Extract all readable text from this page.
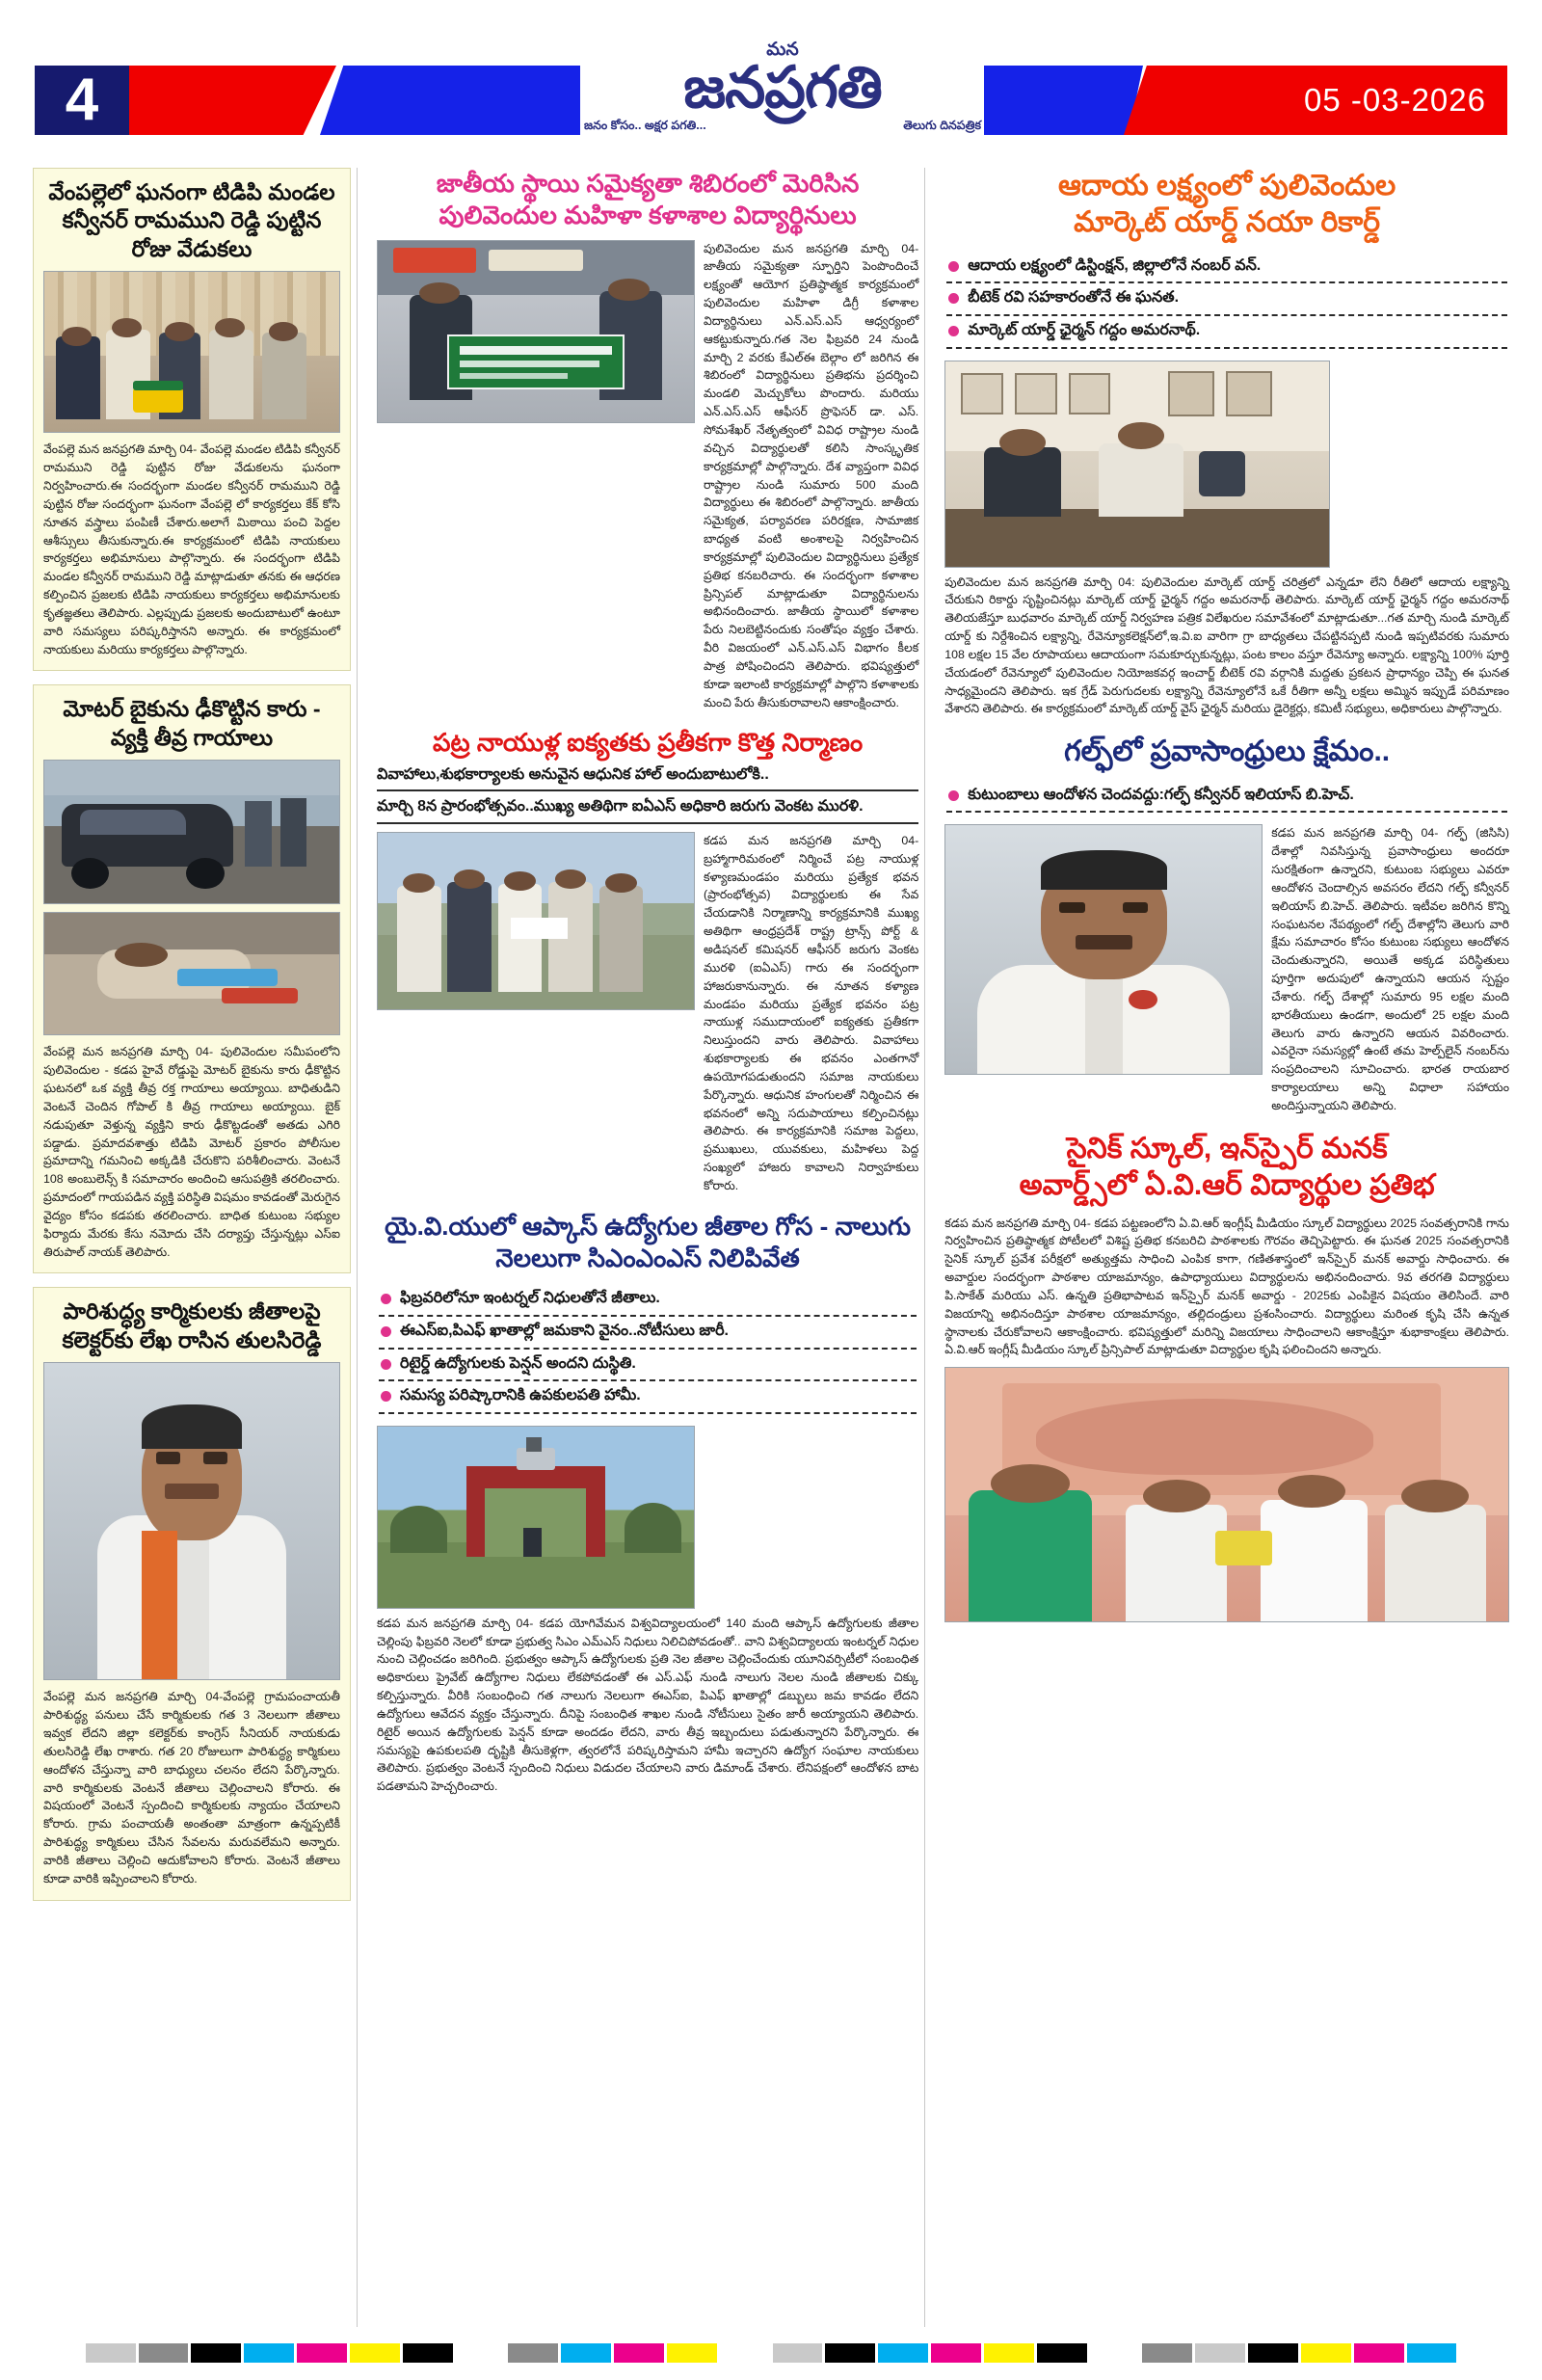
4	05 -03-2026
మన
జనప్రగతి
జనం కోసం.. అక్షర పగతి...	తెలుగు దినపత్రిక
వేంపల్లెలో ఘనంగా టిడిపి మండల కన్వీనర్ రామముని రెడ్డి పుట్టిన రోజు వేడుకలు
వేంపల్లె మన జనప్రగతి మార్చి 04- వేంపల్లె మండల టిడిపి కన్వీనర్ రామముని రెడ్డి పుట్టిన రోజు వేడుకలను ఘనంగా నిర్వహించారు.ఈ సందర్భంగా మండల కన్వీనర్ రామముని రెడ్డి పుట్టిన రోజు సందర్భంగా ఘనంగా వేంపల్లె లో కార్యకర్తలు కేక్ కోసి నూతన వస్త్రాలు పంపిణీ చేశారు.అలాగే మిఠాయి పంచి పెద్దల ఆశీస్సులు తీసుకున్నారు.ఈ కార్యక్రమంలో టిడిపి నాయకులు కార్యకర్తలు అభిమానులు పాల్గొన్నారు. ఈ సందర్భంగా టిడిపి మండల కన్వీనర్ రామముని రెడ్డి మాట్లాడుతూ తనకు ఈ ఆధరణ కల్పించిన ప్రజలకు టిడిపి నాయకులు కార్యకర్తలు అభిమానులకు కృతజ్ఞతలు తెలిపారు. ఎల్లప్పుడు ప్రజలకు అందుబాటులో ఉంటూ వారి సమస్యలు పరిష్కరిస్తానని అన్నారు. ఈ కార్యక్రమంలో నాయకులు మరియు కార్యకర్తలు పాల్గొన్నారు.
మోటర్ బైకును ఢీకొట్టిన కారు - వ్యక్తి తీవ్ర గాయాలు
వేంపల్లె మన జనప్రగతి మార్చి 04- పులివెందుల సమీపంలోని పులివెందుల - కడప హైవే రోడ్డుపై మోటర్ బైకును కారు ఢీకొట్టిన ఘటనలో ఒక వ్యక్తి తీవ్ర రక్త గాయాలు అయ్యాయి. బాధితుడిని వెంటనే చెందిన గోపాల్ కి తీవ్ర గాయాలు అయ్యాయి. బైక్ నడుపుతూ వెళ్తున్న వ్యక్తిని కారు ఢీకొట్టడంతో అతడు ఎగిరి పడ్డాడు. ప్రమాదవశాత్తు టిడిపి మోటర్ ప్రకారం పోలీసుల ప్రమాదాన్ని గమనించి అక్కడికి చేరుకొని పరిశీలించారు. వెంటనే 108 అంబులెన్స్ కి సమాచారం అందించి ఆసుపత్రికి తరలించారు. ప్రమాదంలో గాయపడిన వ్యక్తి పరిస్థితి విషమం కావడంతో మెరుగైన వైద్యం కోసం కడపకు తరలించారు. బాధిత కుటుంబ సభ్యుల ఫిర్యాదు మేరకు కేసు నమోదు చేసి దర్యాప్తు చేస్తున్నట్లు ఎస్ఐ తిరుపాల్ నాయక్ తెలిపారు.
పారిశుద్ధ్య కార్మికులకు జీతాలపై కలెక్టర్‌కు లేఖ రాసిన తులసిరెడ్డి
వేంపల్లె మన జనప్రగతి మార్చి 04-వేంపల్లె గ్రామపంచాయతీ పారిశుద్ధ్య పనులు చేసే కార్మికులకు గత 3 నెలలుగా జీతాలు ఇవ్వక లేదని జిల్లా కలెక్టర్‌కు కాంగ్రెస్ సీనియర్ నాయకుడు తులసిరెడ్డి లేఖ రాశారు. గత 20 రోజులుగా పారిశుద్ధ్య కార్మికులు ఆందోళన చేస్తున్నా వారి బాధ్యులు చలనం లేదని పేర్కొన్నారు. వారి కార్మికులకు వెంటనే జీతాలు చెల్లించాలని కోరారు. ఈ విషయంలో వెంటనే స్పందించి కార్మికులకు న్యాయం చేయాలని కోరారు. గ్రామ పంచాయతీ అంతంతా మాత్రంగా ఉన్నప్పటికీ పారిశుద్ధ్య కార్మికులు చేసిన సేవలను మరువలేమని అన్నారు. వారికి జీతాలు చెల్లించి ఆదుకోవాలని కోరారు. వెంటనే జీతాలు కూడా వారికి ఇప్పించాలని కోరారు.
జాతీయ స్థాయి సమైక్యతా శిబిరంలో మెరిసిన పులివెందుల మహిళా కళాశాల విద్యార్థినులు
పులివెందుల మన జనప్రగతి మార్చి 04- జాతీయ సమైక్యతా స్ఫూర్తిని పెంపొందించే లక్ష్యంతో ఆయోగ ప్రతిష్ఠాత్మక కార్యక్రమంలో పులివెందుల మహిళా డిగ్రీ కళాశాల విద్యార్థినులు ఎన్.ఎస్.ఎస్ ఆధ్వర్యంలో ఆకట్టుకున్నారు.గత నెల ఫిబ్రవరి 24 నుండి మార్చి 2 వరకు కేఎల్ఈ బెల్గాం లో జరిగిన ఈ శిబిరంలో విద్యార్థినులు ప్రతిభను ప్రదర్శించి మండలి మెచ్చుకోలు పొందారు. మరియు ఎన్.ఎస్.ఎస్ ఆఫీసర్ ప్రొఫెసర్ డా. ఎస్. సోమశేఖర్ నేతృత్వంలో వివిధ రాష్ట్రాల నుండి వచ్చిన విద్యార్థులతో కలిసి సాంస్కృతిక కార్యక్రమాల్లో పాల్గొన్నారు. దేశ వ్యాప్తంగా వివిధ రాష్ట్రాల నుండి సుమారు 500 మంది విద్యార్థులు ఈ శిబిరంలో పాల్గొన్నారు. జాతీయ సమైక్యత, పర్యావరణ పరిరక్షణ, సామాజిక బాధ్యత వంటి అంశాలపై నిర్వహించిన కార్యక్రమాల్లో పులివెందుల విద్యార్థినులు ప్రత్యేక ప్రతిభ కనబరిచారు. ఈ సందర్భంగా కళాశాల ప్రిన్సిపల్ మాట్లాడుతూ విద్యార్థినులను అభినందించారు. జాతీయ స్థాయిలో కళాశాల పేరు నిలబెట్టినందుకు సంతోషం వ్యక్తం చేశారు. వీరి విజయంలో ఎన్.ఎస్.ఎస్ విభాగం కీలక పాత్ర పోషించిందని తెలిపారు. భవిష్యత్తులో కూడా ఇలాంటి కార్యక్రమాల్లో పాల్గొని కళాశాలకు మంచి పేరు తీసుకురావాలని ఆకాంక్షించారు.
పట్ర నాయుళ్ల ఐక్యతకు ప్రతీకగా కొత్త నిర్మాణం
వివాహాలు,శుభకార్యాలకు అనువైన ఆధునిక హాల్ అందుబాటులోకి..
మార్చి 8న ప్రారంభోత్సవం..ముఖ్య అతిథిగా ఐఏఎస్ అధికారి జరుగు వెంకట మురళి.
కడప మన జనప్రగతి మార్చి 04- బ్రహ్మాగారిమఠంలో నిర్మించే పట్ర నాయుళ్ల కళ్యాణమండపం మరియు ప్రత్యేక భవన (ప్రారంభోత్సవ) విద్యార్థులకు ఈ సేవ చేయడానికి నిర్మాణాన్ని కార్యక్రమానికి ముఖ్య అతిథిగా ఆంధ్రప్రదేశ్ రాష్ట్ర ట్రాన్స్ పోర్ట్ & అడిషనల్ కమిషనర్ ఆఫీసర్ జరుగు వెంకట మురళి (ఐఏఎస్) గారు ఈ సందర్భంగా హాజరుకానున్నారు. ఈ నూతన కళ్యాణ మండపం మరియు ప్రత్యేక భవనం పట్ర నాయుళ్ల సముదాయంలో ఐక్యతకు ప్రతీకగా నిలుస్తుందని వారు తెలిపారు. వివాహాలు శుభకార్యాలకు ఈ భవనం ఎంతగానో ఉపయోగపడుతుందని సమాజ నాయకులు పేర్కొన్నారు. ఆధునిక హంగులతో నిర్మించిన ఈ భవనంలో అన్ని సదుపాయాలు కల్పించినట్లు తెలిపారు. ఈ కార్యక్రమానికి సమాజ పెద్దలు, ప్రముఖులు, యువకులు, మహిళలు పెద్ద సంఖ్యలో హాజరు కావాలని నిర్వాహకులు కోరారు.
యై.వి.యులో ఆప్కాస్ ఉద్యోగుల జీతాల గోస - నాలుగు నెలలుగా సిఎంఎంఎస్ నిలిపివేత
ఫిబ్రవరిలోనూ ఇంటర్నల్ నిధులతోనే జీతాలు.
ఈఎస్ఐ,పిఎఫ్ ఖాతాల్లో జమకాని వైనం..నోటీసులు జారీ.
రిటైర్డ్ ఉద్యోగులకు పెన్షన్ అందని దుస్థితి.
సమస్య పరిష్కారానికి ఉపకులపతి హామీ.
కడప మన జనప్రగతి మార్చి 04- కడప యోగివేమన విశ్వవిద్యాలయంలో 140 మంది ఆప్కాస్ ఉద్యోగులకు జీతాల చెల్లింపు ఫిబ్రవరి నెలలో కూడా ప్రభుత్వ సిఎం ఎమ్ఎస్ నిధులు నిలిచిపోవడంతో.. వాని విశ్వవిద్యాలయ ఇంటర్నల్ నిధుల నుంచి చెల్లించడం జరిగింది. ప్రభుత్వం ఆప్కాస్ ఉద్యోగులకు ప్రతి నెల జీతాల చెల్లించేందుకు యూనివర్సిటీలో సంబంధిత అధికారులు ప్రైవేట్ ఉద్యోగాల నిధులు లేకపోవడంతో ఈ ఎస్.ఎఫ్ నుండి నాలుగు నెలల నుండి జీతాలకు చిక్కు కల్పిస్తున్నారు. వీరికి సంబంధించి గత నాలుగు నెలలుగా ఈఎస్ఐ, పిఎఫ్ ఖాతాల్లో డబ్బులు జమ కావడం లేదని ఉద్యోగులు ఆవేదన వ్యక్తం చేస్తున్నారు. దీనిపై సంబంధిత శాఖల నుండి నోటీసులు సైతం జారీ అయ్యాయని తెలిపారు. రిటైర్ అయిన ఉద్యోగులకు పెన్షన్ కూడా అందడం లేదని, వారు తీవ్ర ఇబ్బందులు పడుతున్నారని పేర్కొన్నారు. ఈ సమస్యపై ఉపకులపతి దృష్టికి తీసుకెళ్లగా, త్వరలోనే పరిష్కరిస్తామని హామీ ఇచ్చారని ఉద్యోగ సంఘాల నాయకులు తెలిపారు. ప్రభుత్వం వెంటనే స్పందించి నిధులు విడుదల చేయాలని వారు డిమాండ్ చేశారు. లేనిపక్షంలో ఆందోళన బాట పడతామని హెచ్చరించారు.
ఆదాయ లక్ష్యంలో పులివెందుల
మార్కెట్ యార్డ్ నయా రికార్డ్
ఆదాయ లక్ష్యంలో డిస్టింక్షన్, జిల్లాలోనే నంబర్ వన్.
బీటెక్ రవి సహకారంతోనే ఈ ఘనత.
మార్కెట్ యార్డ్ ఛైర్మన్ గద్దం అమరనాథ్.
పులివెందుల మన జనప్రగతి మార్చి 04: పులివెందుల మార్కెట్ యార్డ్ చరిత్రలో ఎన్నడూ లేని రీతిలో ఆదాయ లక్ష్యాన్ని చేరుకుని రికార్డు సృష్టించినట్లు మార్కెట్ యార్డ్ ఛైర్మన్ గద్దం అమరనాథ్ తెలిపారు. మార్కెట్ యార్డ్ ఛైర్మన్ గద్దం అమరనాథ్ తెలియజేస్తూ బుధవారం మార్కెట్ యార్డ్ నిర్వహణ పత్రిక విలేఖరుల సమావేశంలో మాట్లాడుతూ...గత మార్చి నుండి మార్కెట్ యార్డ్ కు నిర్దేశించిన లక్ష్యాన్ని, రేవెన్యూకలెక్షన్‌లో,ఇ.వి.ఐ వారిగా గ్రా బాధ్యతలు చేపట్టినప్పటి నుండి ఇప్పటివరకు సుమారు 108 లక్షల 15 వేల రూపాయలు ఆదాయంగా సమకూర్చుకున్నట్లు, పంట కాలం వస్తూ రేవెన్యూ అన్నారు. లక్ష్యాన్ని 100% పూర్తి చేయడంలో రేవెన్యూలో పులివెందుల నియోజకవర్గ ఇంచార్జ్ బీటెక్ రవి వర్గానికి మద్దతు ప్రకటన ప్రాధాన్యం చెప్పి ఈ ఘనత సాధ్యమైందని తెలిపారు. ఇక గ్రేడ్ పెరుగుదలకు లక్ష్యాన్ని రేవెన్యూలోనే ఒకే రీతిగా అన్నీ లక్షలు అమ్మిన ఇప్పుడే పరిమాణం వేశారని తెలిపారు. ఈ కార్యక్రమంలో మార్కెట్ యార్డ్ వైస్ ఛైర్మన్ మరియు డైరెక్టర్లు, కమిటీ సభ్యులు, అధికారులు పాల్గొన్నారు.
గల్ఫ్‌లో ప్రవాసాంధ్రులు క్షేమం..
కుటుంబాలు ఆందోళన చెందవద్దు:గల్ఫ్ కన్వీనర్ ఇలియాస్ బి.హెచ్.
కడప మన జనప్రగతి మార్చి 04- గల్ఫ్ (జిసిసి) దేశాల్లో నివసిస్తున్న ప్రవాసాంధ్రులు అందరూ సురక్షితంగా ఉన్నారని, కుటుంబ సభ్యులు ఎవరూ ఆందోళన చెందాల్సిన అవసరం లేదని గల్ఫ్ కన్వీనర్ ఇలియాస్ బి.హెచ్. తెలిపారు. ఇటీవల జరిగిన కొన్ని సంఘటనల నేపథ్యంలో గల్ఫ్ దేశాల్లోని తెలుగు వారి క్షేమ సమాచారం కోసం కుటుంబ సభ్యులు ఆందోళన చెందుతున్నారని, అయితే అక్కడ పరిస్థితులు పూర్తిగా అదుపులో ఉన్నాయని ఆయన స్పష్టం చేశారు. గల్ఫ్ దేశాల్లో సుమారు 95 లక్షల మంది భారతీయులు ఉండగా, అందులో 25 లక్షల మంది తెలుగు వారు ఉన్నారని ఆయన వివరించారు. ఎవరైనా సమస్యల్లో ఉంటే తమ హెల్ప్‌లైన్ నంబర్‌ను సంప్రదించాలని సూచించారు. భారత రాయబార కార్యాలయాలు అన్ని విధాలా సహాయం అందిస్తున్నాయని తెలిపారు.
సైనిక్ స్కూల్, ఇన్‌స్పైర్ మనక్
అవార్డ్స్‌లో ఏ.వి.ఆర్ విద్యార్థుల ప్రతిభ
కడప మన జనప్రగతి మార్చి 04- కడప పట్టణంలోని ఏ.వి.ఆర్ ఇంగ్లీష్ మీడియం స్కూల్ విద్యార్థులు 2025 సంవత్సరానికి గాను నిర్వహించిన ప్రతిష్ఠాత్మక పోటీలలో విశిష్ట ప్రతిభ కనబరిచి పాఠశాలకు గౌరవం తెచ్చిపెట్టారు. ఈ ఘనత 2025 సంవత్సరానికి సైనిక్ స్కూల్ ప్రవేశ పరీక్షలో అత్యుత్తమ సాధించి ఎంపిక కాగా, గణితశాస్త్రంలో ఇన్‌స్పైర్ మనక్ అవార్డు సాధించారు. ఈ అవార్డుల సందర్భంగా పాఠశాల యాజమాన్యం, ఉపాధ్యాయులు విద్యార్థులను అభినందించారు. 9వ తరగతి విద్యార్థులు పి.సాకేత్ మరియు ఎస్. ఉన్నతి ప్రతిభాపాటవ ఇన్‌స్పైర్ మనక్ అవార్డు - 2025కు ఎంపికైన విషయం తెలిసిందే. వారి విజయాన్ని అభినందిస్తూ పాఠశాల యాజమాన్యం, తల్లిదండ్రులు ప్రశంసించారు. విద్యార్థులు మరింత కృషి చేసి ఉన్నత స్థానాలకు చేరుకోవాలని ఆకాంక్షించారు. భవిష్యత్తులో మరిన్ని విజయాలు సాధించాలని ఆకాంక్షిస్తూ శుభాకాంక్షలు తెలిపారు. ఏ.వి.ఆర్ ఇంగ్లీష్ మీడియం స్కూల్ ప్రిన్సిపాల్ మాట్లాడుతూ విద్యార్థుల కృషి ఫలించిందని అన్నారు.
